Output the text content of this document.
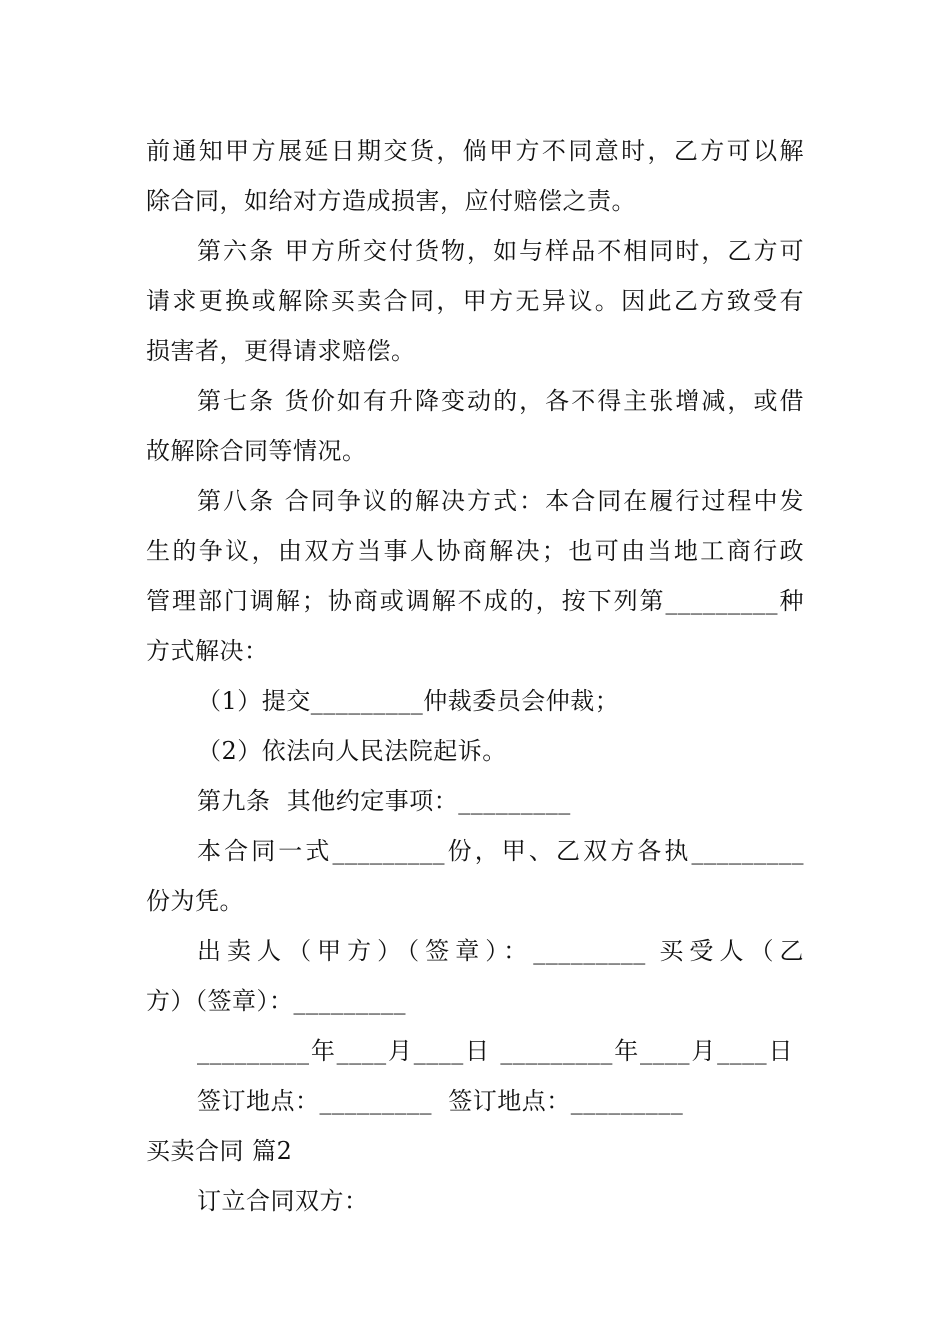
前通知甲方展延日期交货，倘甲方不同意时，乙方可以解
除合同，如给对方造成损害，应付赔偿之责。
第六条 甲方所交付货物，如与样品不相同时，乙方可
请求更换或解除买卖合同，甲方无异议。因此乙方致受有
损害者，更得请求赔偿。
第七条 货价如有升降变动的，各不得主张增减，或借
故解除合同等情况。
第八条 合同争议的解决方式：本合同在履行过程中发
生的争议，由双方当事人协商解决；也可由当地工商行政
管理部门调解；协商或调解不成的，按下列第_________种
方式解决：
（1）提交_________仲裁委员会仲裁；
（2）依法向人民法院起诉。
第九条  其他约定事项：_________
本合同一式_________份，甲、乙双方各执_________
份为凭。
出卖人（甲方）（签章）：_________ 买受人（乙
方）（签章）：_________
_________年____月____日 _________年____月____日
签订地点：_________  签订地点：_________
买卖合同 篇2
订立合同双方：
